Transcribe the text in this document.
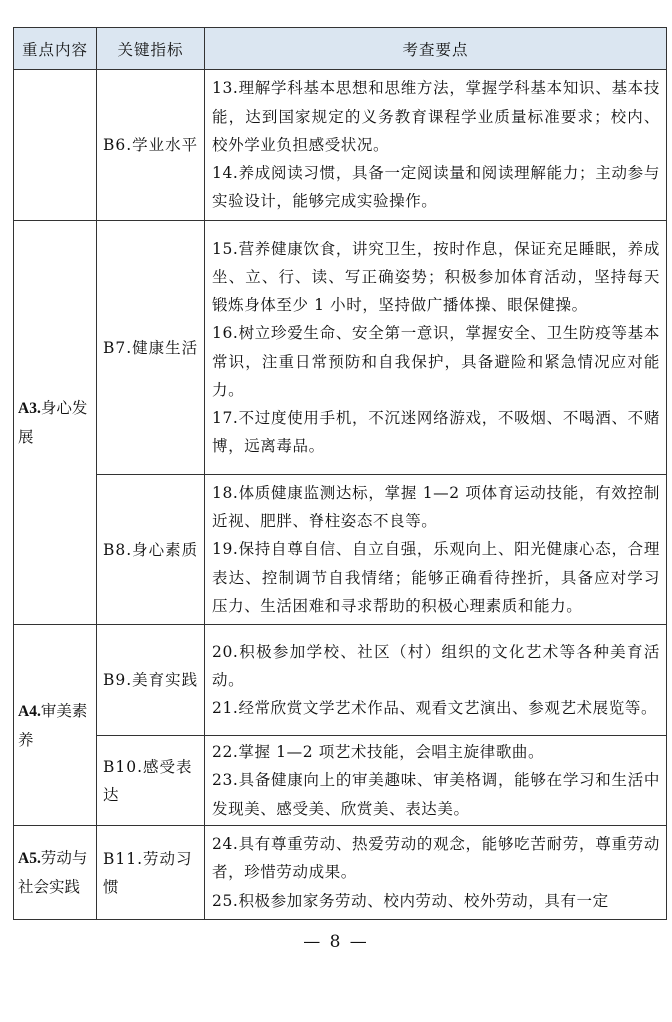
重点内容	关键指标	考查要点
	B6.学业水平	13.理解学科基本思想和思维方法，掌握学科基本知识、基本技能，达到国家规定的义务教育课程学业质量标准要求；校内、校外学业负担感受状况。
14.养成阅读习惯，具备一定阅读量和阅读理解能力；主动参与实验设计，能够完成实验操作。

A3.身心发展	B7.健康生活	15.营养健康饮食，讲究卫生，按时作息，保证充足睡眠，养成坐、立、行、读、写正确姿势；积极参加体育活动，坚持每天锻炼身体至少 1 小时，坚持做广播体操、眼保健操。
16.树立珍爱生命、安全第一意识，掌握安全、卫生防疫等基本常识，注重日常预防和自我保护，具备避险和紧急情况应对能力。
17.不过度使用手机，不沉迷网络游戏，不吸烟、不喝酒、不赌博，远离毒品。

	B8.身心素质	18.体质健康监测达标，掌握 1—2 项体育运动技能，有效控制近视、肥胖、脊柱姿态不良等。
19.保持自尊自信、自立自强，乐观向上、阳光健康心态，合理表达、控制调节自我情绪；能够正确看待挫折，具备应对学习压力、生活困难和寻求帮助的积极心理素质和能力。

A4.审美素养	B9.美育实践	20.积极参加学校、社区（村）组织的文化艺术等各种美育活动。
21.经常欣赏文学艺术作品、观看文艺演出、参观艺术展览等。

	B10.感受表达	22.掌握 1—2 项艺术技能，会唱主旋律歌曲。
23.具备健康向上的审美趣味、审美格调，能够在学习和生活中发现美、感受美、欣赏美、表达美。

A5.劳动与社会实践	B11.劳动习惯	24.具有尊重劳动、热爱劳动的观念，能够吃苦耐劳，尊重劳动者，珍惜劳动成果。
25.积极参加家务劳动、校内劳动、校外劳动，具有一定
— 8 —
